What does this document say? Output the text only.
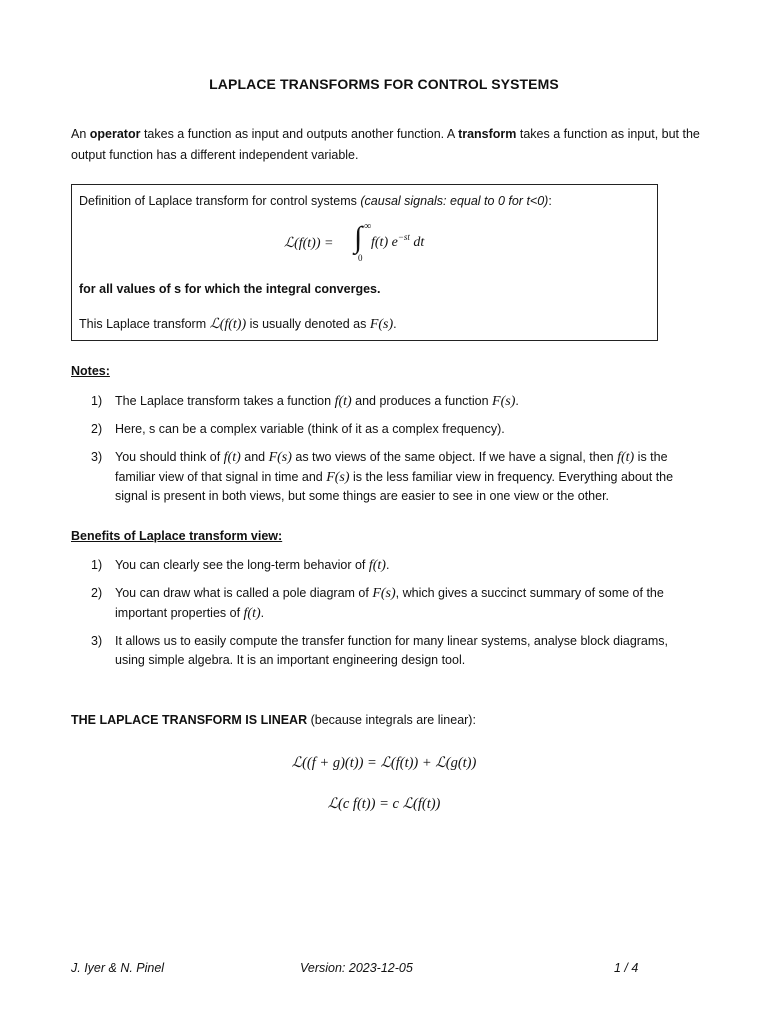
LAPLACE TRANSFORMS FOR CONTROL SYSTEMS
An operator takes a function as input and outputs another function. A transform takes a function as input, but the output function has a different independent variable.
Definition of Laplace transform for control systems (causal signals: equal to 0 for t<0):
ℒ(f(t)) = ∫ ∞
0
f(t) $e^{-st}$ dt
for all values of s for which the integral converges.
This Laplace transform ℒ(f(t)) is usually denoted as F(s).
Notes:
1) The Laplace transform takes a function f(t) and produces a function F(s).
2) Here, s can be a complex variable (think of it as a complex frequency).
3) You should think of f(t) and F(s) as two views of the same object. If we have a signal, then f(t) is the familiar view of that signal in time and F(s) is the less familiar view in frequency. Everything about the signal is present in both views, but some things are easier to see in one view or the other.
Benefits of Laplace transform view:
1) You can clearly see the long-term behavior of f(t).
2) You can draw what is called a pole diagram of F(s), which gives a succinct summary of some of the important properties of f(t).
3) It allows us to easily compute the transfer function for many linear systems, analyse block diagrams, using simple algebra. It is an important engineering design tool.
THE LAPLACE TRANSFORM IS LINEAR (because integrals are linear):
ℒ((f + g)(t)) = ℒ(f(t)) + ℒ(g(t))
ℒ(c f(t)) = c ℒ(f(t))
J. Iyer & N. Pinel	Version: 2023-12-05	1 / 4
